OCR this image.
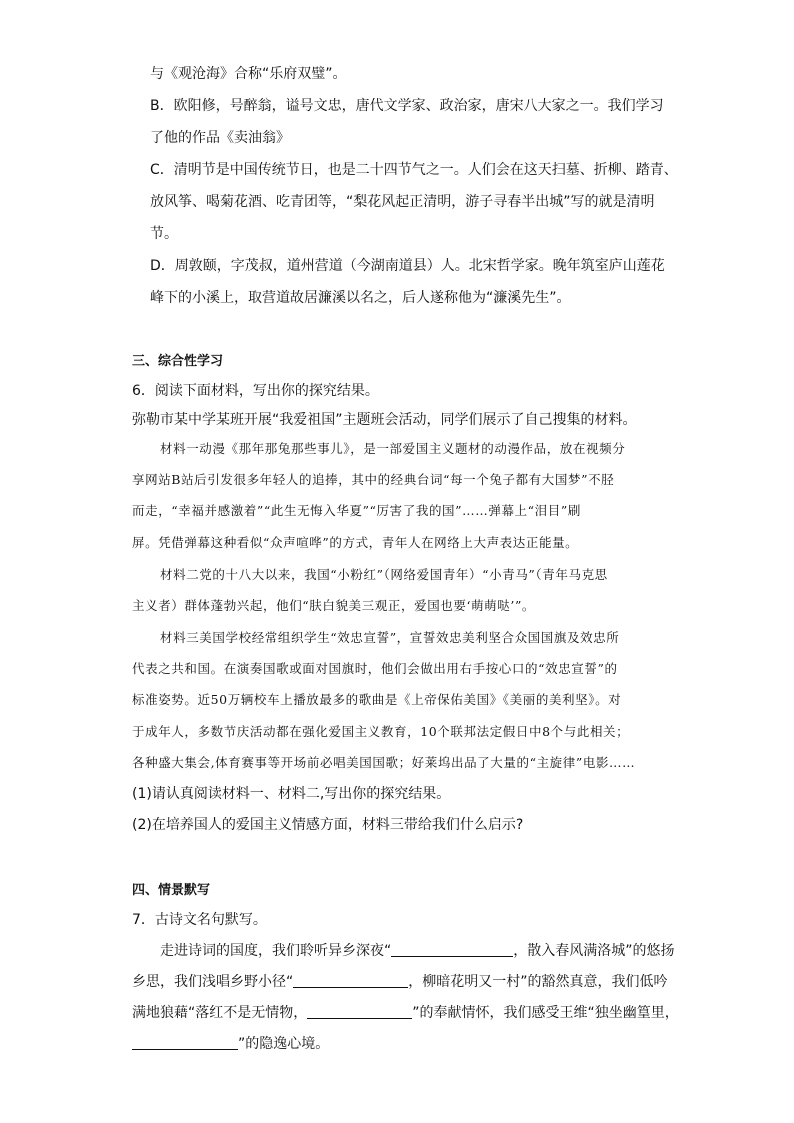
与《观沧海》合称“乐府双璧”。
B．欧阳修，号醉翁，谥号文忠，唐代文学家、政治家，唐宋八大家之一。我们学习
了他的作品《卖油翁》
C．清明节是中国传统节日，也是二十四节气之一。人们会在这天扫墓、折柳、踏青、
放风筝、喝菊花酒、吃青团等，“梨花风起正清明，游子寻春半出城”写的就是清明
节。
D．周敦颐，字茂叔，道州营道（今湖南道县）人。北宋哲学家。晚年筑室庐山莲花
峰下的小溪上，取营道故居濂溪以名之，后人遂称他为“濂溪先生”。
三、综合性学习
6．阅读下面材料，写出你的探究结果。
弥勒市某中学某班开展“我爱祖国”主题班会活动，同学们展示了自己搜集的材料。
材料一动漫《那年那兔那些事儿》，是一部爱国主义题材的动漫作品，放在视频分
享网站B站后引发很多年轻人的追捧，其中的经典台词“每一个兔子都有大国梦”不胫
而走，“幸福并感激着”“此生无悔入华夏”“厉害了我的国”……弹幕上“泪目”刷
屏。凭借弹幕这种看似“众声喧哗”的方式，青年人在网络上大声表达正能量。
材料二党的十八大以来，我国“小粉红”（网络爱国青年）“小青马”（青年马克思
主义者）群体蓬勃兴起，他们“肤白貌美三观正，爱国也要‘萌萌哒’”。
材料三美国学校经常组织学生“效忠宣誓”，宣誓效忠美利坚合众国国旗及效忠所
代表之共和国。在演奏国歌或面对国旗时，他们会做出用右手按心口的“效忠宣誓”的
标准姿势。近50万辆校车上播放最多的歌曲是《上帝保佑美国》《美丽的美利坚》。对
于成年人，多数节庆活动都在强化爱国主义教育，10个联邦法定假日中8个与此相关；
各种盛大集会,体育赛事等开场前必唱美国国歌；好莱坞出品了大量的“主旋律”电影……
(1)请认真阅读材料一、材料二,写出你的探究结果。
(2)在培养国人的爱国主义情感方面，材料三带给我们什么启示?
四、情景默写
7．古诗文名句默写。
走进诗词的国度，我们聆听异乡深夜“	，散入春风满洛城”的悠扬
乡思，我们浅唱乡野小径“	，柳暗花明又一村”的豁然真意，我们低吟
满地狼藉“落红不是无情物，	”的奉献情怀，我们感受王维“独坐幽篁里，
”的隐逸心境。
